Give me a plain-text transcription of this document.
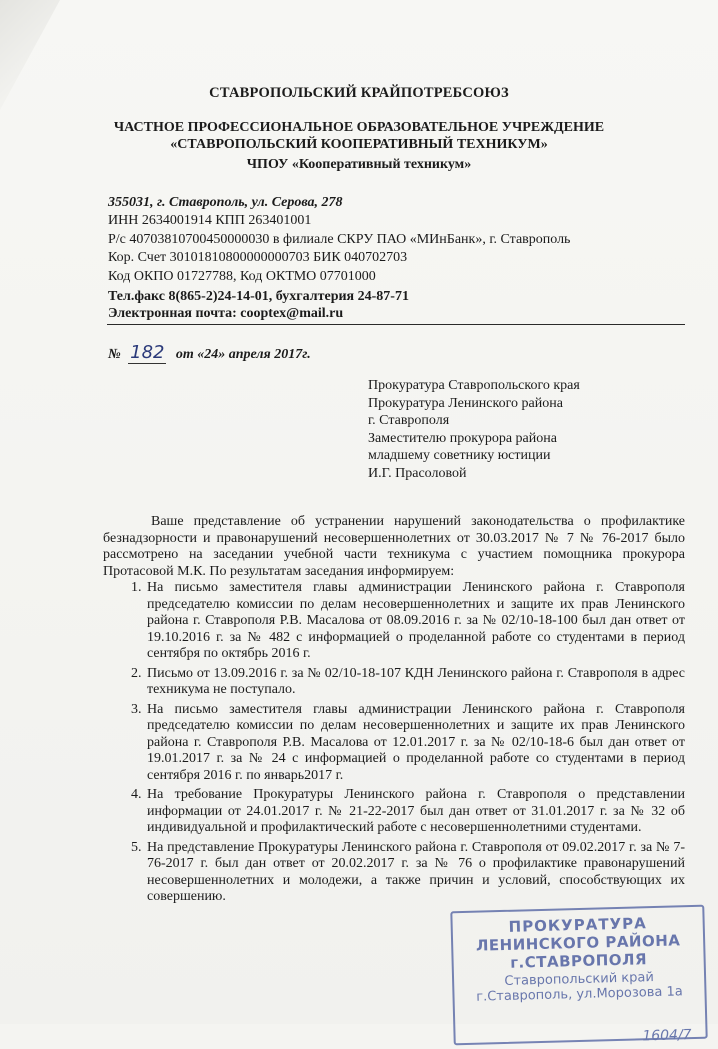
СТАВРОПОЛЬСКИЙ КРАЙПОТРЕБСОЮЗ
ЧАСТНОЕ ПРОФЕССИОНАЛЬНОЕ ОБРАЗОВАТЕЛЬНОЕ УЧРЕЖДЕНИЕ
«СТАВРОПОЛЬСКИЙ КООПЕРАТИВНЫЙ ТЕХНИКУМ»
ЧПОУ «Кооперативный техникум»
355031, г. Ставрополь, ул. Серова, 278
ИНН 2634001914 КПП 263401001
Р/с 40703810700450000030 в филиале СКРУ ПАО «МИнБанк», г. Ставрополь
Кор. Счет 30101810800000000703 БИК 040702703
Код ОКПО 01727788, Код ОКТМО 07701000
Тел.факс 8(865-2)24-14-01, бухгалтерия 24-87-71
Электронная почта: cooptex@mail.ru
№ 182 от «24» апреля 2017г.
Прокуратура Ставропольского края
Прокуратура Ленинского района
г. Ставрополя
Заместителю прокурора района
младшему советнику юстиции
И.Г. Прасоловой

Ваше представление об устранении нарушений законодательства о профилактике безнадзорности и правонарушений несовершеннолетних от 30.03.2017 № 7 № 76-2017 было рассмотрено на заседании учебной части техникума с участием помощника прокурора Протасовой М.К. По результатам заседания информируем:

1. На письмо заместителя главы администрации Ленинского района г. Ставрополя председателю комиссии по делам несовершеннолетних и защите их прав Ленинского района г. Ставрополя Р.В. Масалова от 08.09.2016 г. за № 02/10-18-100 был дан ответ от 19.10.2016 г. за № 482 с информацией о проделанной работе со студентами в период сентября по октябрь 2016 г.
2. Письмо от 13.09.2016 г. за № 02/10-18-107 КДН Ленинского района г. Ставрополя в адрес техникума не поступало.
3. На письмо заместителя главы администрации Ленинского района г. Ставрополя председателю комиссии по делам несовершеннолетних и защите их прав Ленинского района г. Ставрополя Р.В. Масалова от 12.01.2017 г. за № 02/10-18-6 был дан ответ от 19.01.2017 г. за № 24 с информацией о проделанной работе со студентами в период сентября 2016 г. по январь2017 г.
4. На требование Прокуратуры Ленинского района г. Ставрополя о представлении информации от 24.01.2017 г. № 21-22-2017 был дан ответ от 31.01.2017 г. за № 32 об индивидуальной и профилактический работе с несовершеннолетними студентами.
5. На представление Прокуратуры Ленинского района г. Ставрополя от 09.02.2017 г. за № 7-76-2017 г. был дан ответ от 20.02.2017 г. за № 76 о профилактике правонарушений несовершеннолетних и молодежи, а также причин и условий, способствующих их совершению.
ПРОКУРАТУРА
ЛЕНИНСКОГО РАЙОНА
г.СТАВРОПОЛЯ
Ставропольский край
г.Ставрополь, ул.Морозова 1а
1604/7
